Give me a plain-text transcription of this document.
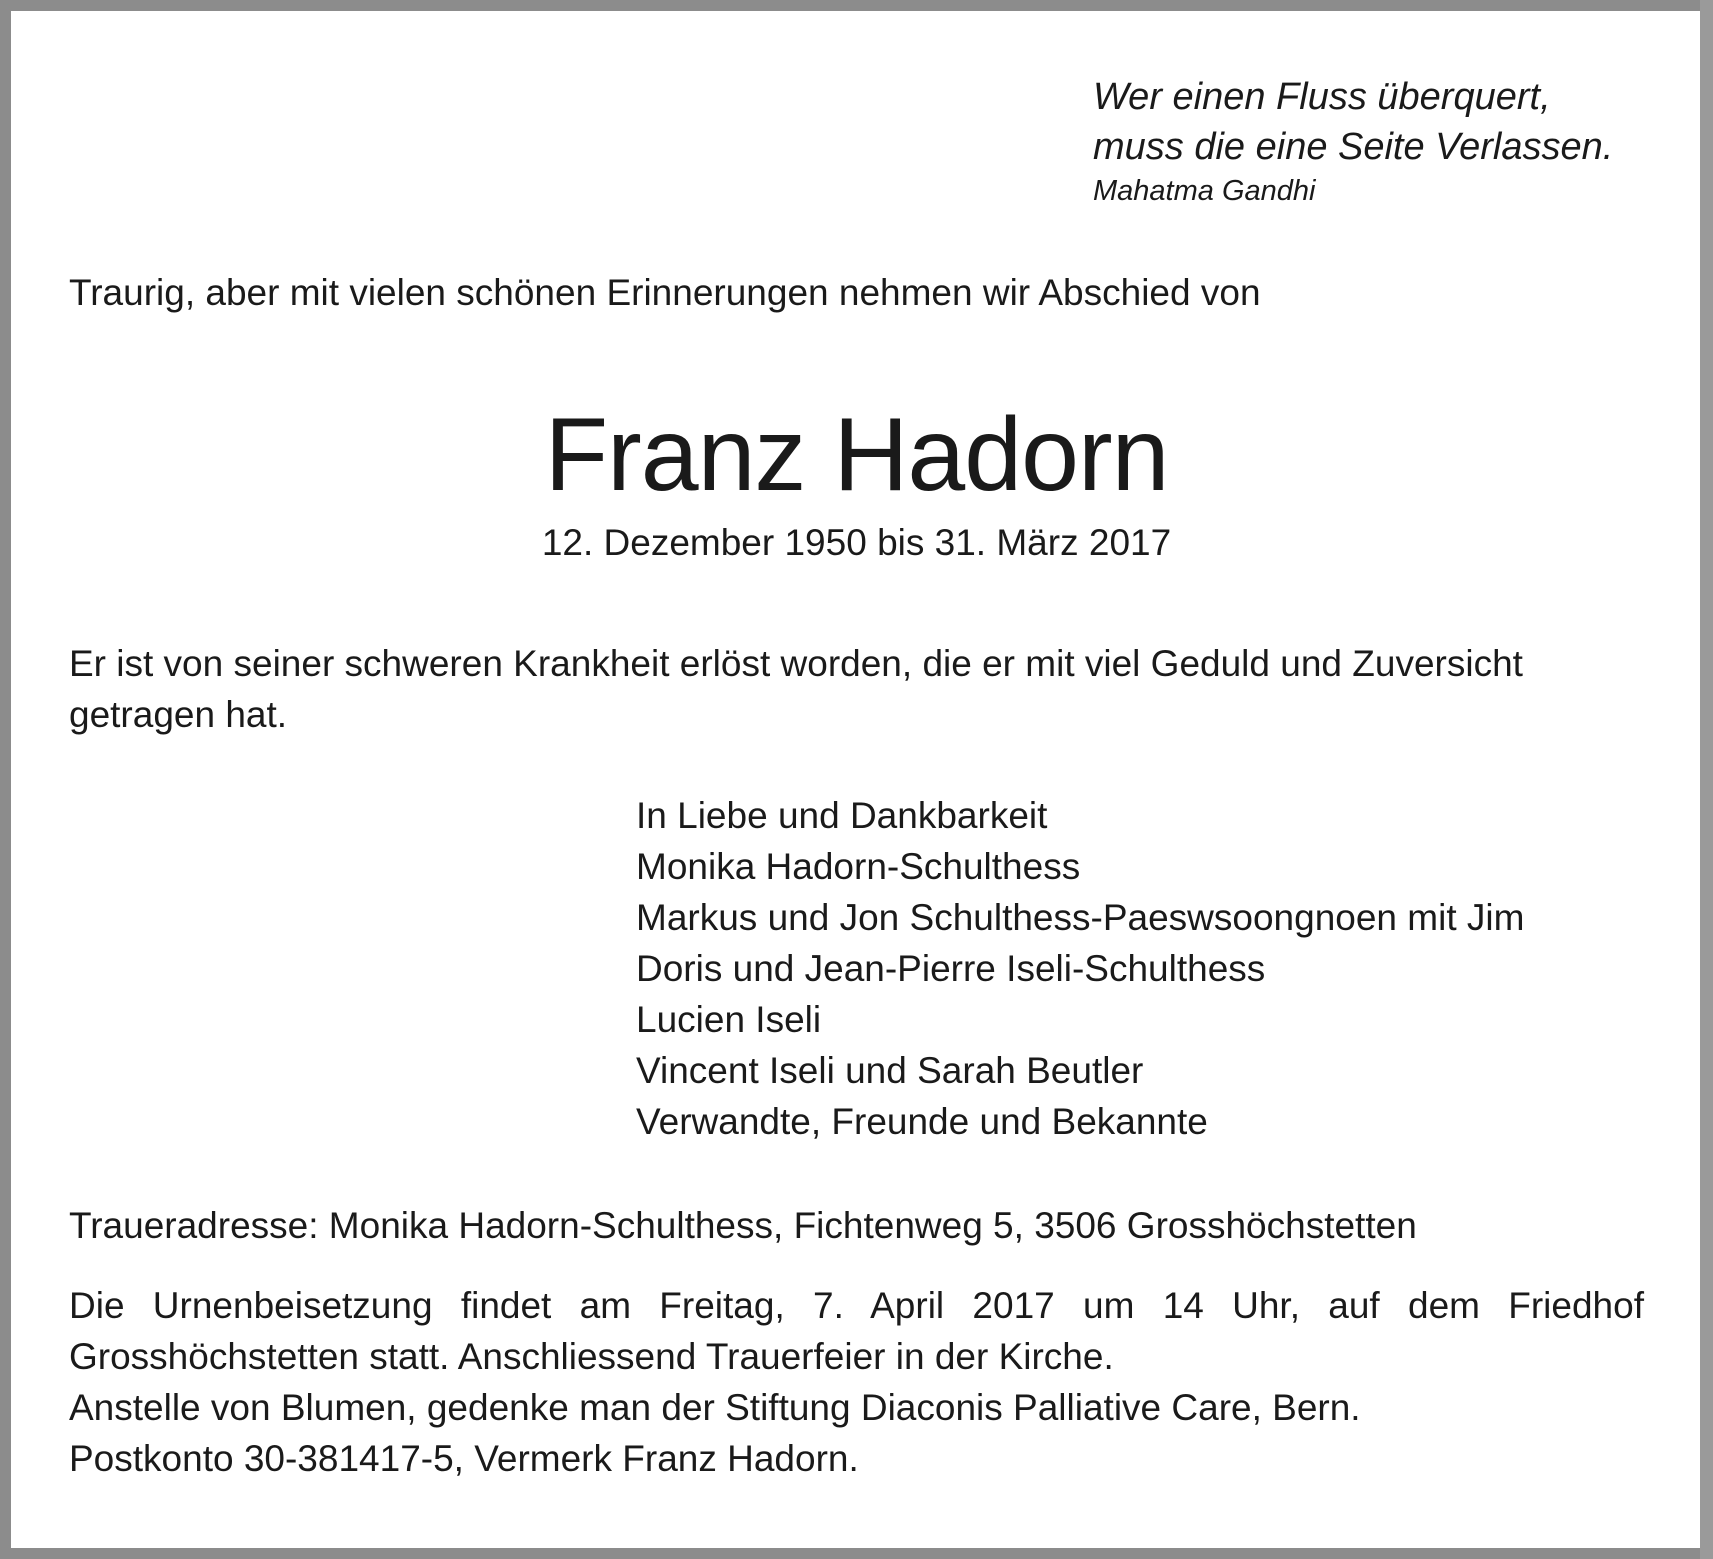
Wer einen Fluss überquert,
muss die eine Seite Verlassen.
Mahatma Gandhi
Traurig, aber mit vielen schönen Erinnerungen nehmen wir Abschied von
Franz Hadorn
12. Dezember 1950 bis 31. März 2017
Er ist von seiner schweren Krankheit erlöst worden, die er mit viel Geduld und Zuversicht getragen hat.
In Liebe und Dankbarkeit
Monika Hadorn-Schulthess
Markus und Jon Schulthess-Paeswsoongnoen mit Jim
Doris und Jean-Pierre Iseli-Schulthess
Lucien Iseli
Vincent Iseli und Sarah Beutler
Verwandte, Freunde und Bekannte
Traueradresse: Monika Hadorn-Schulthess, Fichtenweg 5, 3506 Grosshöchstetten
Die Urnenbeisetzung findet am Freitag, 7. April 2017 um 14 Uhr, auf dem Friedhof Grosshöchstetten statt. Anschliessend Trauerfeier in der Kirche.
Anstelle von Blumen, gedenke man der Stiftung Diaconis Palliative Care, Bern.
Postkonto 30-381417-5, Vermerk Franz Hadorn.
